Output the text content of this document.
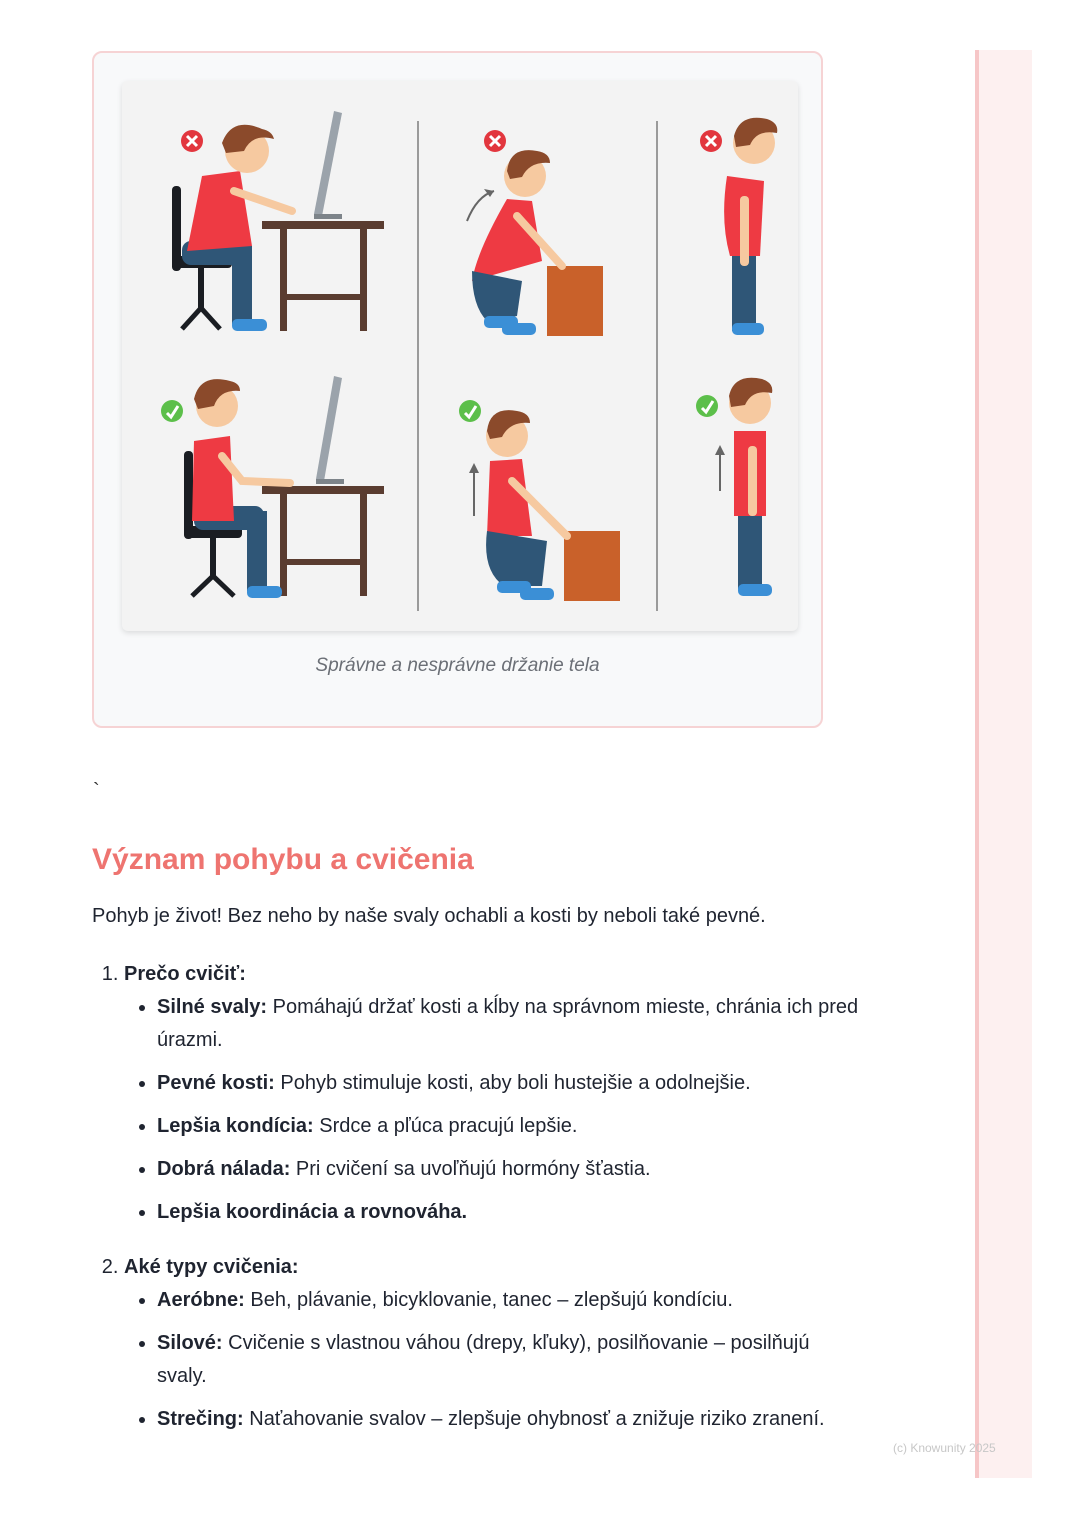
Správne a nesprávne držanie tela
`
Význam pohybu a cvičenia

Pohyb je život! Bez neho by naše svaly ochabli a kosti by neboli také pevné.

1. Prečo cvičiť:
• Silné svaly: Pomáhajú držať kosti a kĺby na správnom mieste, chránia ich pred úrazmi.
• Pevné kosti: Pohyb stimuluje kosti, aby boli hustejšie a odolnejšie.
• Lepšia kondícia: Srdce a pľúca pracujú lepšie.
• Dobrá nálada: Pri cvičení sa uvoľňujú hormóny šťastia.
• Lepšia koordinácia a rovnováha.
2. Aké typy cvičenia:
• Aeróbne: Beh, plávanie, bicyklovanie, tanec – zlepšujú kondíciu.
• Silové: Cvičenie s vlastnou váhou (drepy, kľuky), posilňovanie – posilňujú svaly.
• Strečing: Naťahovanie svalov – zlepšuje ohybnosť a znižuje riziko zranení.
(c) Knowunity 2025
